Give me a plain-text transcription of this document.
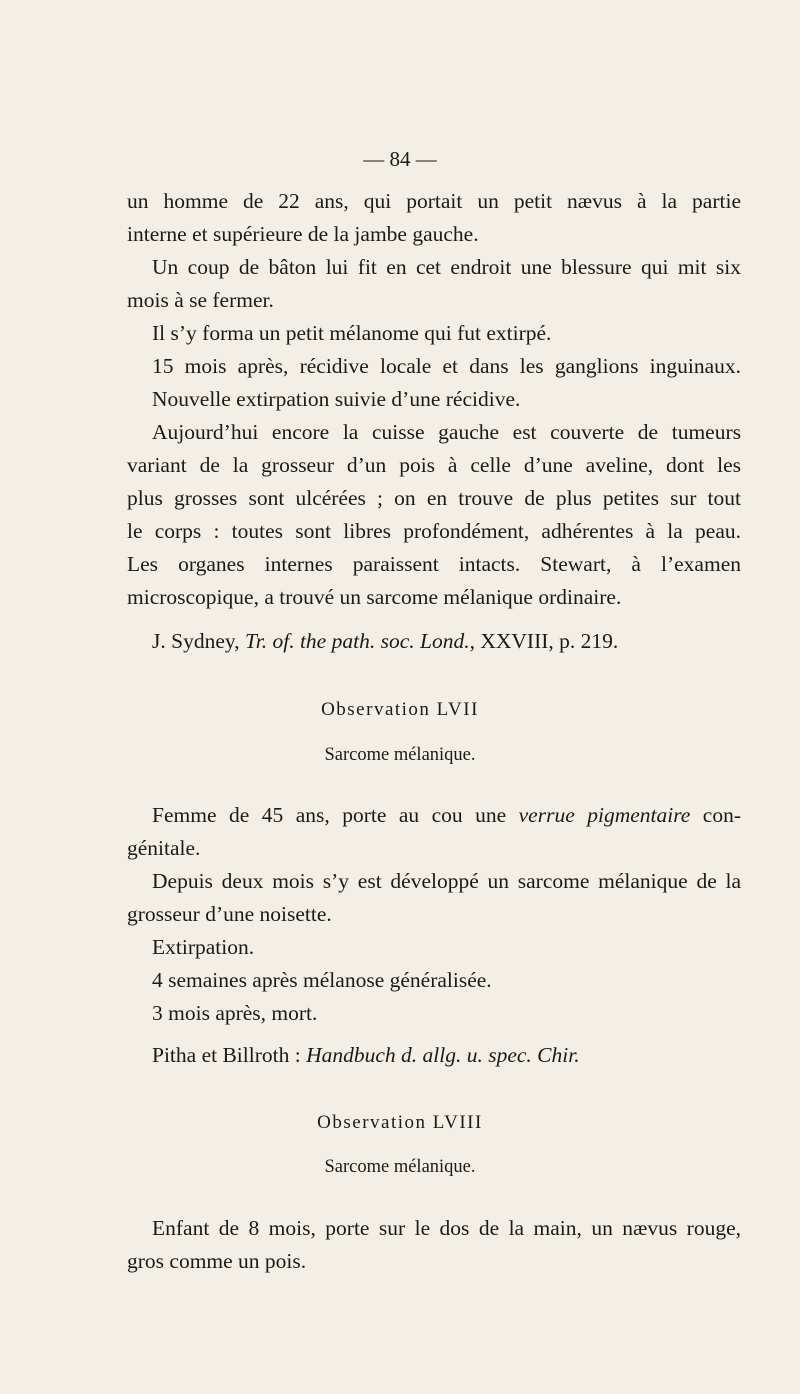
— 84 —
un homme de 22 ans, qui portait un petit nævus à la partie
interne et supérieure de la jambe gauche.
Un coup de bâton lui fit en cet endroit une blessure qui mit six
mois à se fermer.
Il s’y forma un petit mélanome qui fut extirpé.
15 mois après, récidive locale et dans les ganglions inguinaux.
Nouvelle extirpation suivie d’une récidive.
Aujourd’hui encore la cuisse gauche est couverte de tumeurs
variant de la grosseur d’un pois à celle d’une aveline, dont les
plus grosses sont ulcérées ; on en trouve de plus petites sur tout
le corps : toutes sont libres profondément, adhérentes à la peau.
Les organes internes paraissent intacts. Stewart, à l’examen
microscopique, a trouvé un sarcome mélanique ordinaire.
J. Sydney, Tr. of. the path. soc. Lond., XXVIII, p. 219.
Observation LVII
Sarcome mélanique.
Femme de 45 ans, porte au cou une verrue pigmentaire con-
génitale.
Depuis deux mois s’y est développé un sarcome mélanique de la
grosseur d’une noisette.
Extirpation.
4 semaines après mélanose généralisée.
3 mois après, mort.
Pitha et Billroth : Handbuch d. allg. u. spec. Chir.
Observation LVIII
Sarcome mélanique.
Enfant de 8 mois, porte sur le dos de la main, un nævus rouge,
gros comme un pois.
